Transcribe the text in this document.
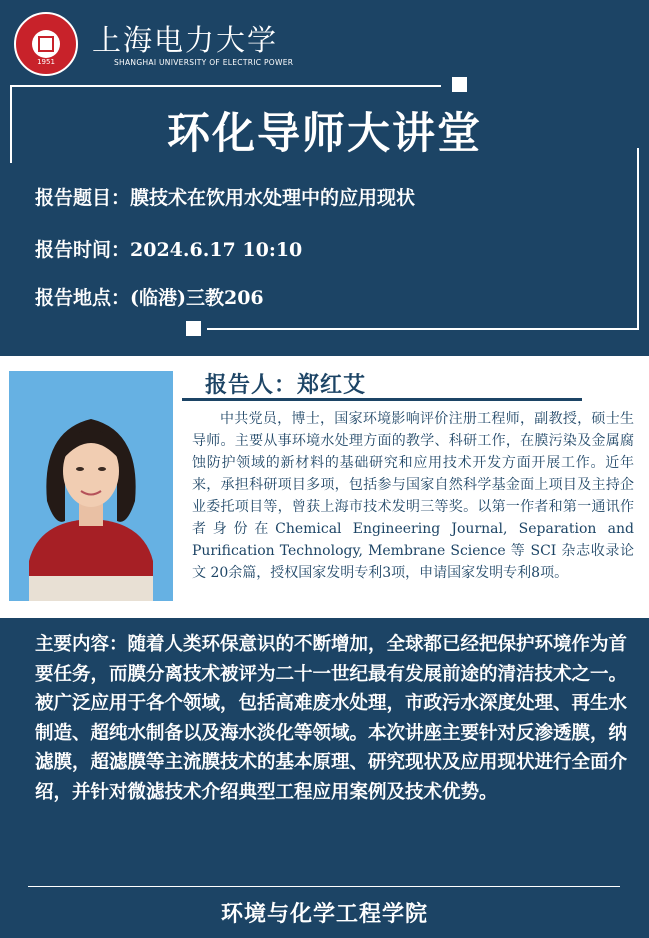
1951
上海电力大学
SHANGHAI UNIVERSITY OF ELECTRIC POWER
环化导师大讲堂
报告题目：膜技术在饮用水处理中的应用现状
报告时间：2024.6.17 10:10
报告地点：(临港)三教206
报告人：郑红艾
中共党员，博士，国家环境影响评价注册工程师，副教授，硕士生导师。主要从事环境水处理方面的教学、科研工作，在膜污染及金属腐蚀防护领域的新材料的基础研究和应用技术开发方面开展工作。近年来，承担科研项目多项，包括参与国家自然科学基金面上项目及主持企业委托项目等，曾获上海市技术发明三等奖。以第一作者和第一通讯作者身份在Chemical Engineering Journal, Separation and Purification Technology, Membrane Science 等 SCI 杂志收录论文 20余篇，授权国家发明专利3项，申请国家发明专利8项。
主要内容：随着人类环保意识的不断增加，全球都已经把保护环境作为首要任务，而膜分离技术被评为二十一世纪最有发展前途的清洁技术之一。被广泛应用于各个领域，包括高难废水处理，市政污水深度处理、再生水制造、超纯水制备以及海水淡化等领域。本次讲座主要针对反渗透膜，纳滤膜，超滤膜等主流膜技术的基本原理、研究现状及应用现状进行全面介绍，并针对微滤技术介绍典型工程应用案例及技术优势。
环境与化学工程学院
